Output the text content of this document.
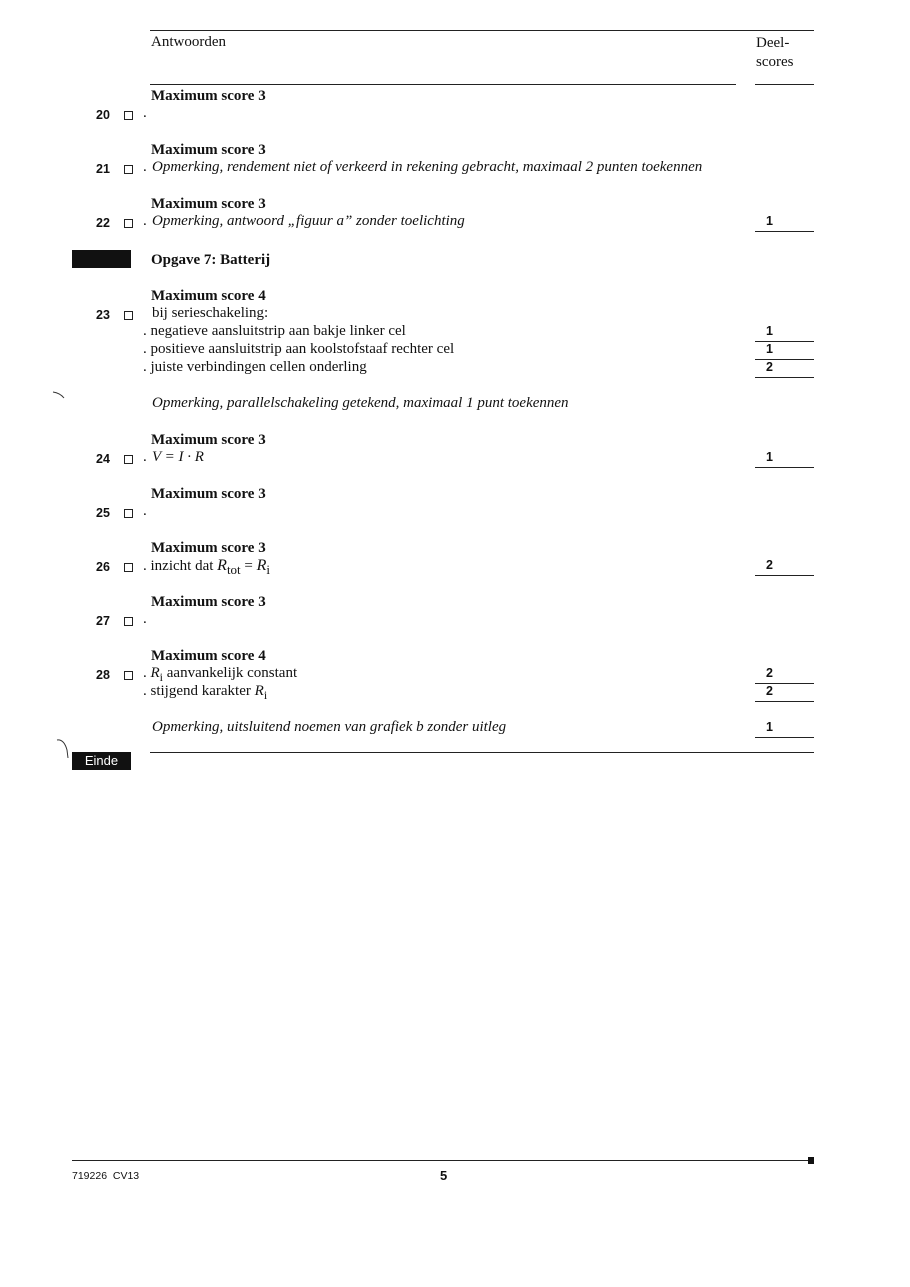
Antwoorden	Deel-
scores
Maximum score 3
20 .
Maximum score 3
21 . Opmerking, rendement niet of verkeerd in rekening gebracht, maximaal 2 punten toekennen
Maximum score 3
22 . Opmerking, antwoord „figuur a” zonder toelichting	1
Opgave 7: Batterij
Maximum score 4
23	bij serieschakeling:
. negatieve aansluitstrip aan bakje linker cel	1
. positieve aansluitstrip aan koolstofstaaf rechter cel	1
. juiste verbindingen cellen onderling	2
Opmerking, parallelschakeling getekend, maximaal 1 punt toekennen
Maximum score 3
24 . V = I · R	1
Maximum score 3
25 .
Maximum score 3
26 . inzicht dat $R_{tot} = R_i$	2
Maximum score 3
27 .
Maximum score 4
28 . $R_i$ aanvankelijk constant	2
. stijgend karakter $R_i$	2
Opmerking, uitsluitend noemen van grafiek b zonder uitleg	1
Einde
719226  CV13	5
